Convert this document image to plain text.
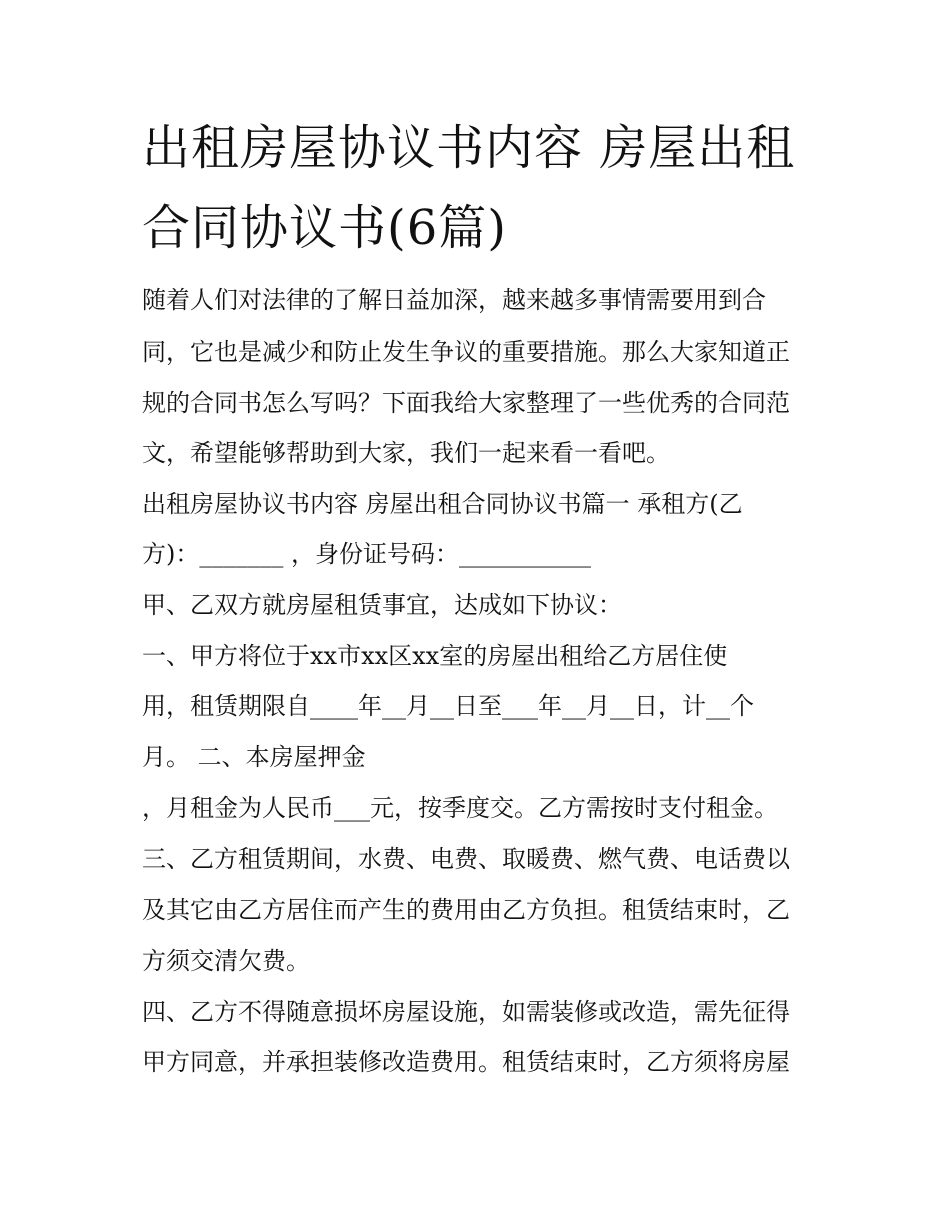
出租房屋协议书内容 房屋出租
合同协议书(6篇)
随着人们对法律的了解日益加深，越来越多事情需要用到合
同，它也是减少和防止发生争议的重要措施。那么大家知道正
规的合同书怎么写吗？下面我给大家整理了一些优秀的合同范
文，希望能够帮助到大家，我们一起来看一看吧。
出租房屋协议书内容 房屋出租合同协议书篇一 承租方(乙
方)：_______ ，身份证号码：___________
甲、乙双方就房屋租赁事宜，达成如下协议：
一、甲方将位于xx市xx区xx室的房屋出租给乙方居住使
用，租赁期限自____年__月__日至___年__月__日，计__个
月。 二、本房屋押金
，月租金为人民币___元，按季度交。乙方需按时支付租金。
三、乙方租赁期间，水费、电费、取暖费、燃气费、电话费以
及其它由乙方居住而产生的费用由乙方负担。租赁结束时，乙
方须交清欠费。
四、乙方不得随意损坏房屋设施，如需装修或改造，需先征得
甲方同意，并承担装修改造费用。租赁结束时，乙方须将房屋
